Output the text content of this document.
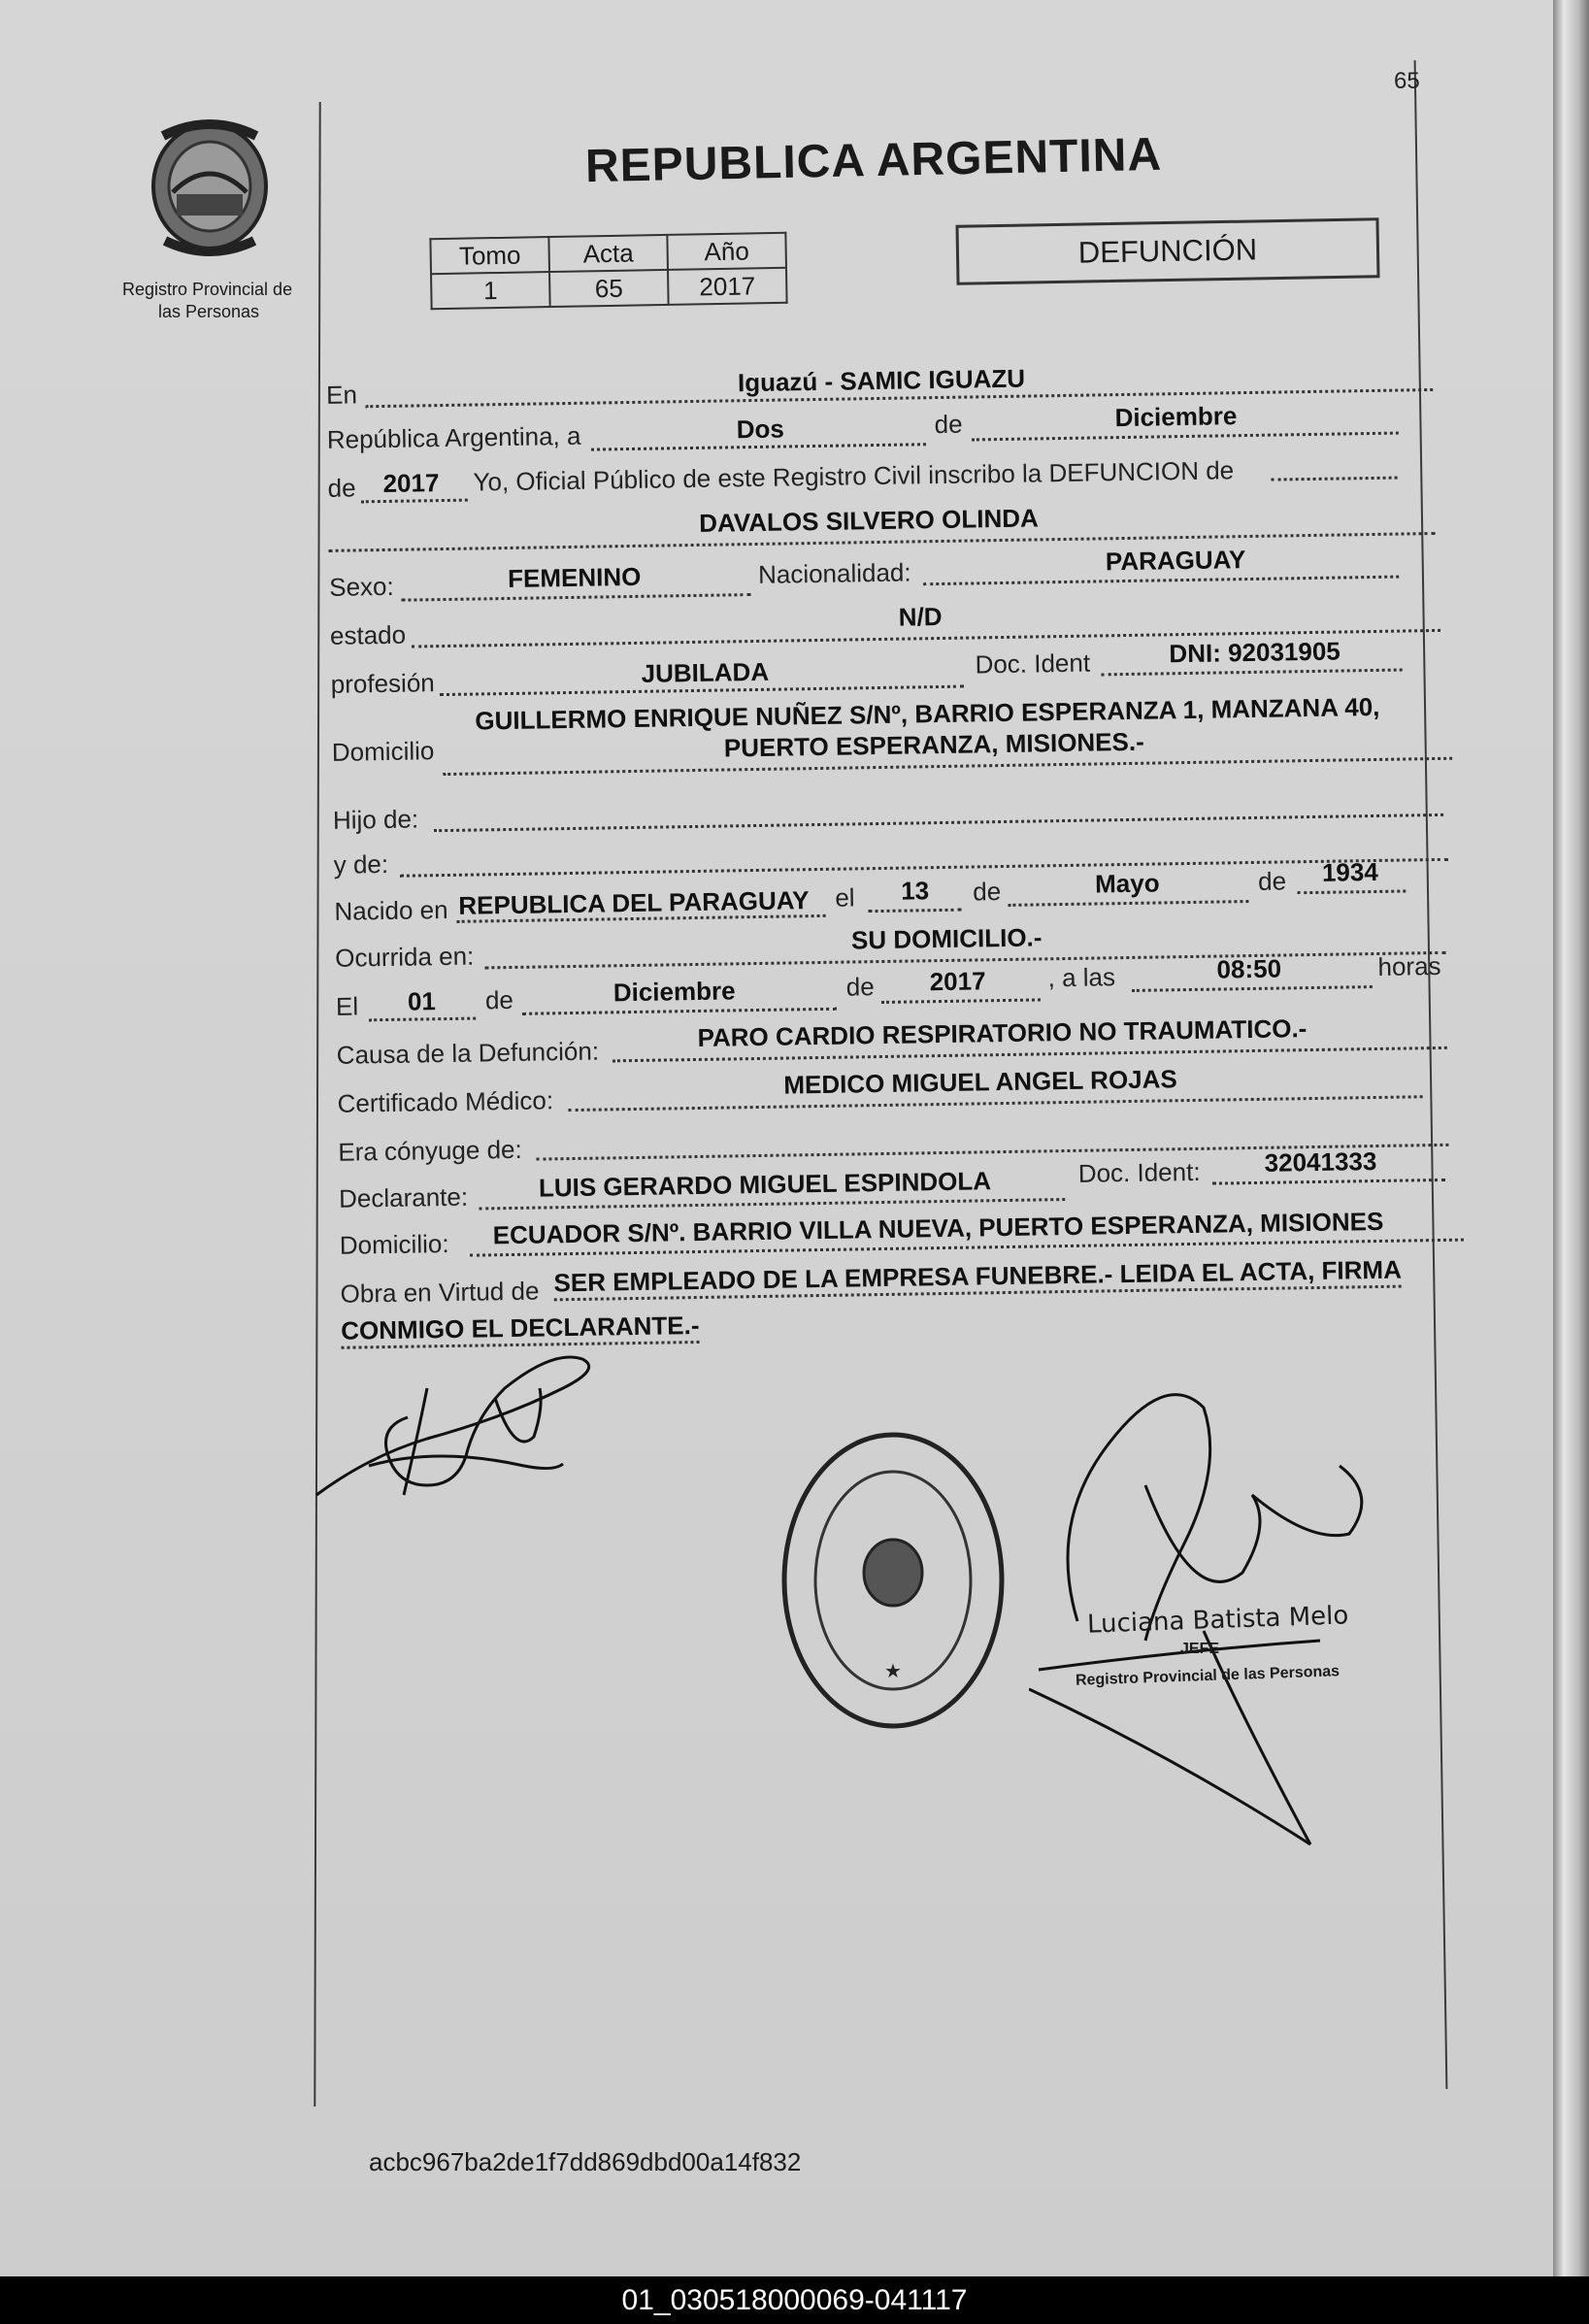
65
Registro Provincial de
las Personas
REPUBLICA ARGENTINA
Tomo	Acta	Año
1	65	2017
DEFUNCIÓN
En	Iguazú - SAMIC IGUAZU
República Argentina, a	Dos	de	Diciembre
de 2017 Yo, Oficial Público de este Registro Civil inscribo la DEFUNCION de
DAVALOS SILVERO OLINDA
Sexo:	FEMENINO	Nacionalidad:	PARAGUAY
estado
N/D
profesión	JUBILADA	Doc. Ident	DNI: 92031905
GUILLERMO ENRIQUE NUÑEZ S/Nº, BARRIO ESPERANZA 1, MANZANA 40,
Domicilio	PUERTO ESPERANZA, MISIONES.-
Hijo de:
y de:
Nacido en REPUBLICA DEL PARAGUAY el 13 de	Mayo	de 1934
Ocurrida en:
SU DOMICILIO.-
El 01 de	Diciembre	de 2017 , a las	08:50	horas
Causa de la Defunción:
PARO CARDIO RESPIRATORIO NO TRAUMATICO.-
Certificado Médico:
MEDICO MIGUEL ANGEL ROJAS
Era cónyuge de:
Declarante:	LUIS GERARDO MIGUEL ESPINDOLA	Doc. Ident:	32041333
Domicilio: ECUADOR S/Nº. BARRIO VILLA NUEVA, PUERTO ESPERANZA, MISIONES
Obra en Virtud de SER EMPLEADO DE LA EMPRESA FUNEBRE.- LEIDA EL ACTA, FIRMA
CONMIGO EL DECLARANTE.-
★
Luciana Batista Melo
JEFE
Registro Provincial de las Personas
acbc967ba2de1f7dd869dbd00a14f832
01_030518000069-041117
